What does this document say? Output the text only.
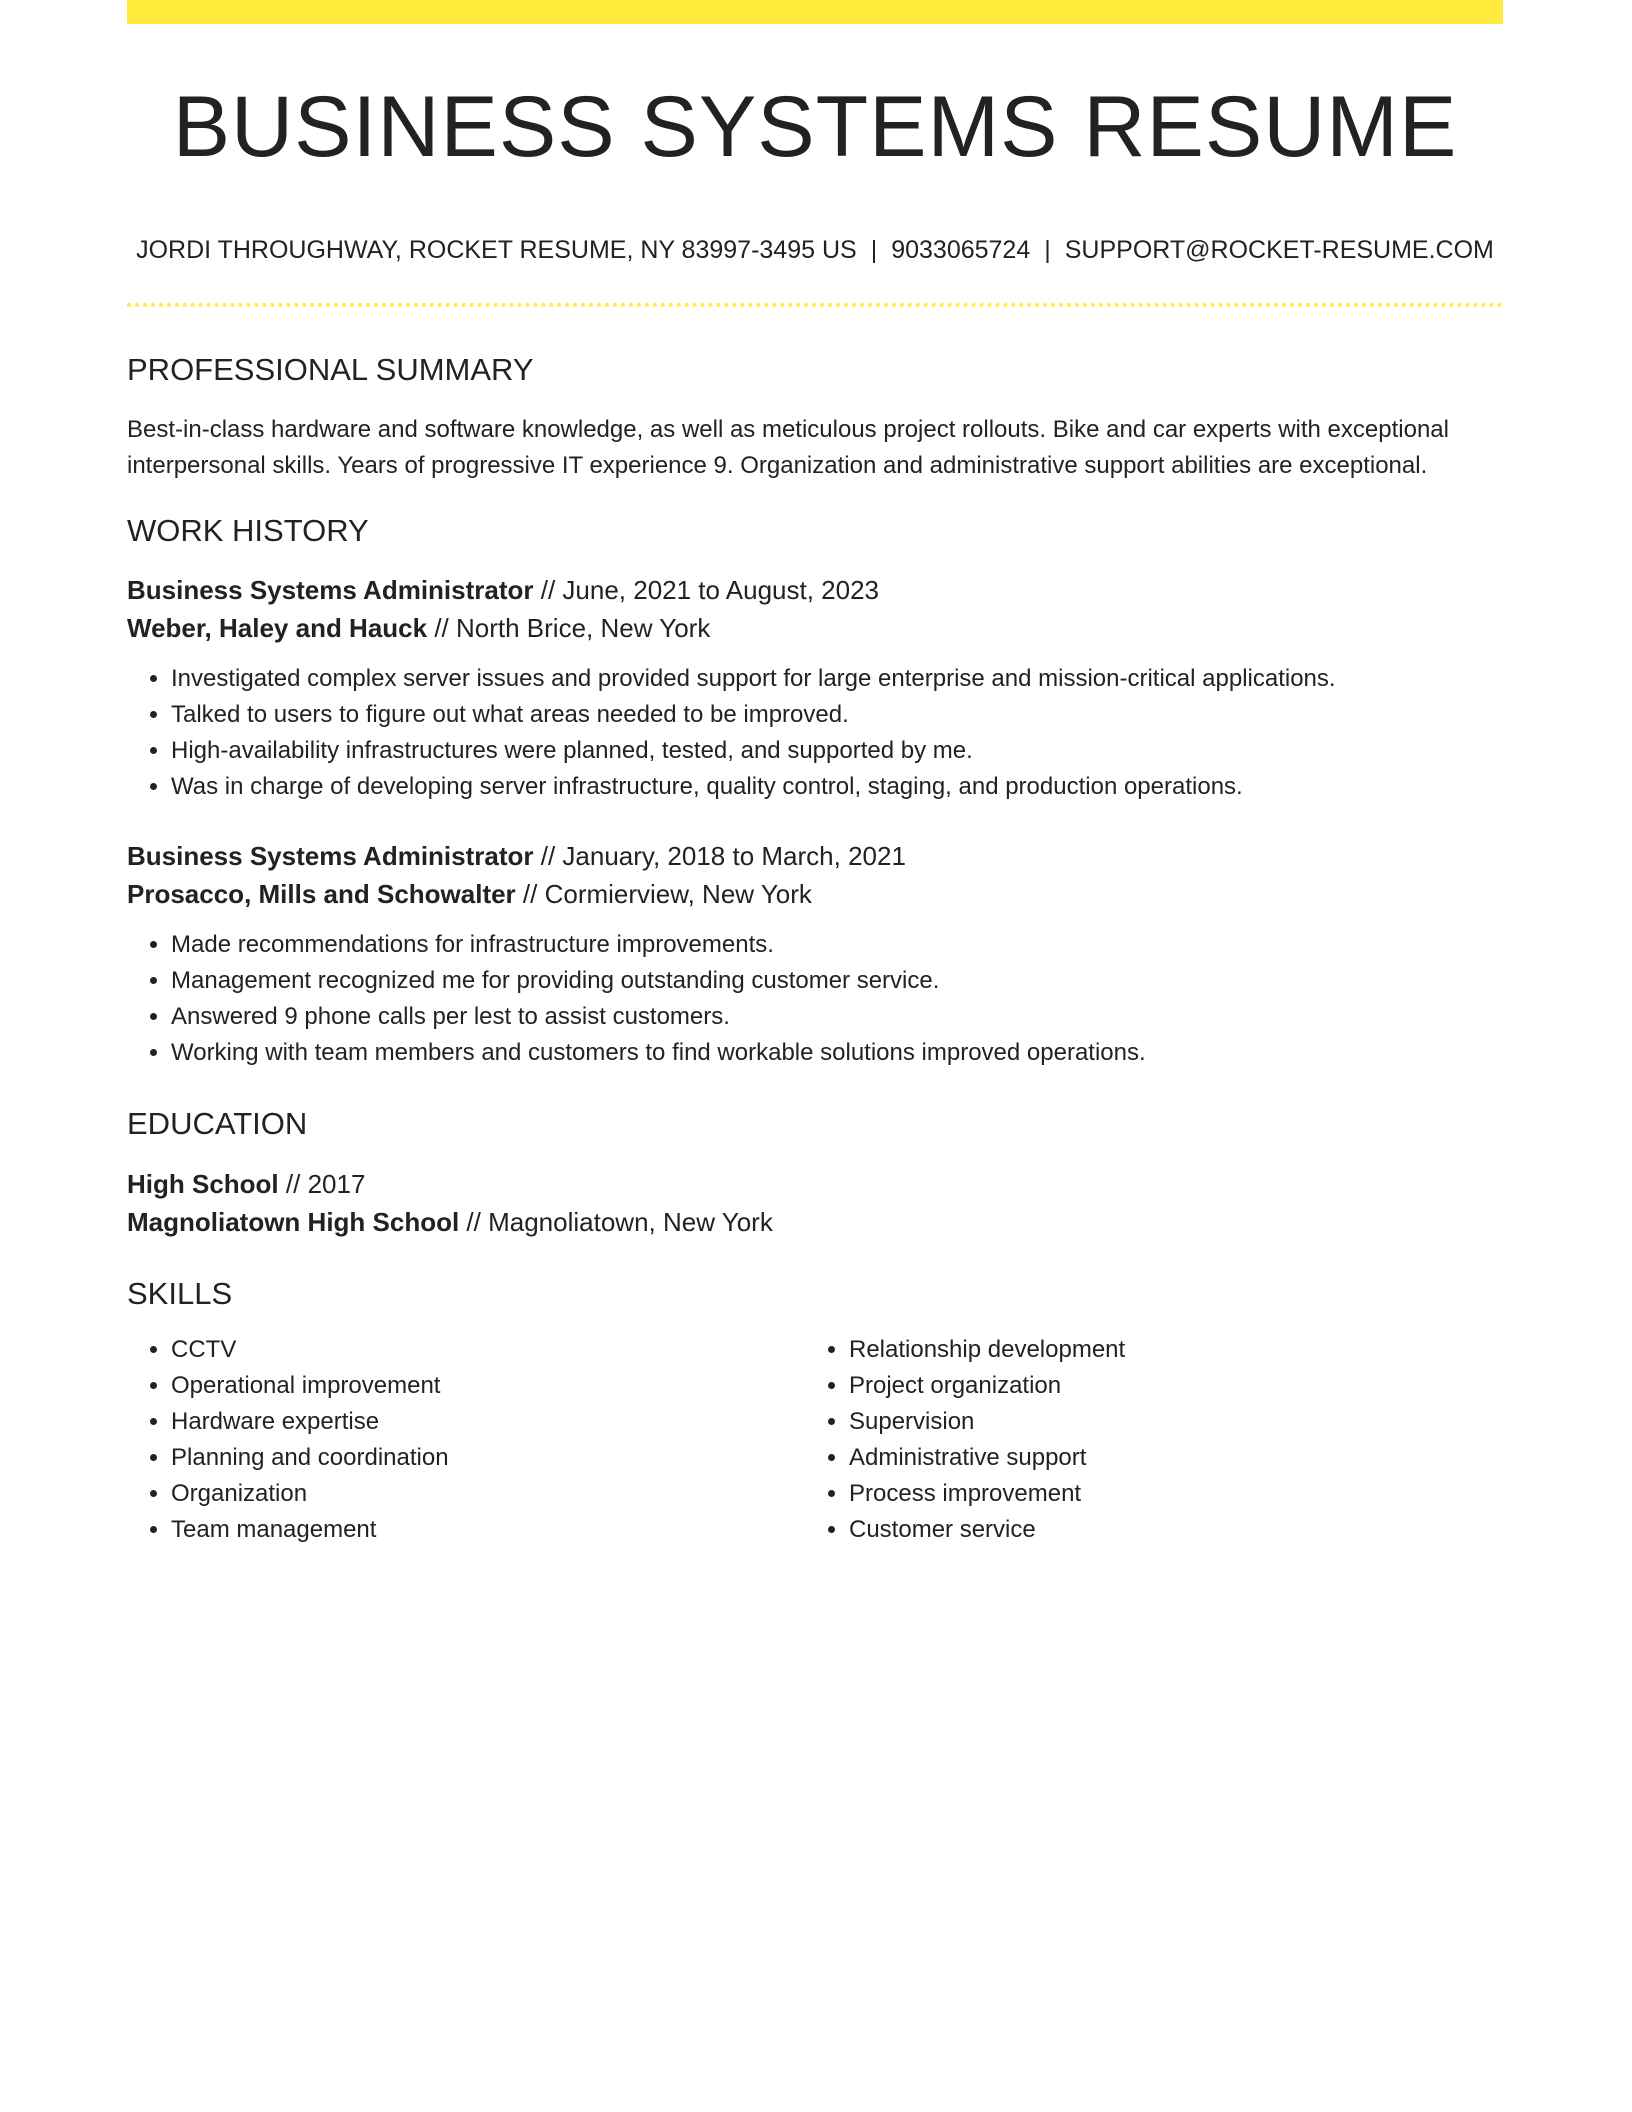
BUSINESS SYSTEMS RESUME
JORDI THROUGHWAY, ROCKET RESUME, NY 83997-3495 US | 9033065724 | SUPPORT@ROCKET-RESUME.COM
PROFESSIONAL SUMMARY

Best-in-class hardware and software knowledge, as well as meticulous project rollouts. Bike and car experts with exceptional interpersonal skills. Years of progressive IT experience 9. Organization and administrative support abilities are exceptional.

WORK HISTORY

Business Systems Administrator // June, 2021 to August, 2023

Weber, Haley and Hauck // North Brice, New York

• Investigated complex server issues and provided support for large enterprise and mission-critical applications.
• Talked to users to figure out what areas needed to be improved.
• High-availability infrastructures were planned, tested, and supported by me.
• Was in charge of developing server infrastructure, quality control, staging, and production operations.

Business Systems Administrator // January, 2018 to March, 2021

Prosacco, Mills and Schowalter // Cormierview, New York

• Made recommendations for infrastructure improvements.
• Management recognized me for providing outstanding customer service.
• Answered 9 phone calls per lest to assist customers.
• Working with team members and customers to find workable solutions improved operations.
EDUCATION

High School // 2017

Magnoliatown High School // Magnoliatown, New York

SKILLS
• CCTV
• Operational improvement
• Hardware expertise
• Planning and coordination
• Organization
• Team management
• Relationship development
• Project organization
• Supervision
• Administrative support
• Process improvement
• Customer service
